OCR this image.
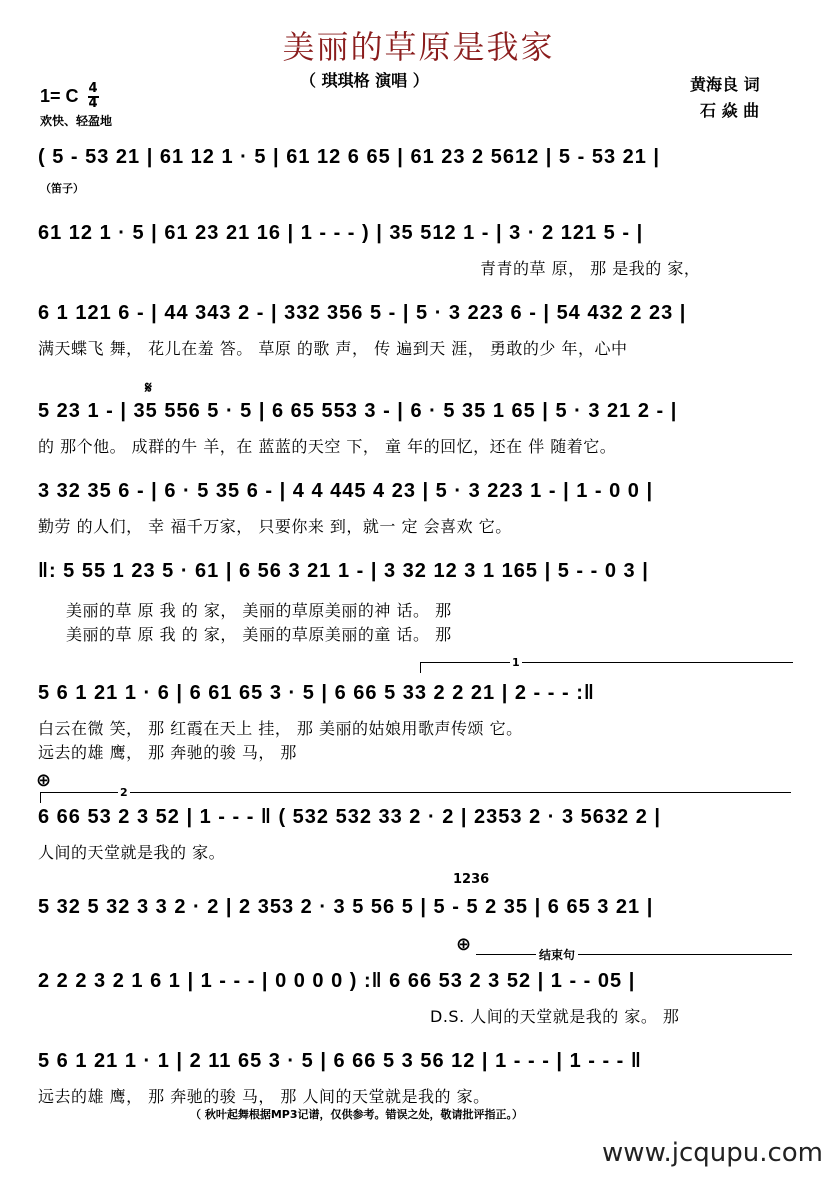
美丽的草原是我家
（ 琪琪格 演唱 ）
1= C 4
4
欢快、轻盈地
黄海良 词
石 焱 曲
( 5 - 53 21 | 61 12 1 · 5 | 61 12 6 65 | 61 23 2 5612 | 5 - 53 21 |
（笛子）
61 12 1 · 5 | 61 23 21 16 | 1 - - - ) | 35 512 1 - | 3 · 2 121 5 - |
青青的草 原， 那 是我的 家，
6 1 121 6 - | 44 343 2 - | 332 356 5 - | 5 · 3 223 6 - | 54 432 2 23 |
满天蝶飞 舞， 花儿在羞 答。 草原 的歌 声， 传 遍到天 涯， 勇敢的少 年，心中
𝄋
5 23 1 - | 35 556 5 · 5 | 6 65 553 3 - | 6 · 5 35 1 65 | 5 · 3 21 2 - |
的 那个他。 成群的牛 羊，在 蓝蓝的天空 下， 童 年的回忆，还在 伴 随着它。
3 32 35 6 - | 6 · 5 35 6 - | 4 4 445 4 23 | 5 · 3 223 1 - | 1 - 0 0 |
勤劳 的人们， 幸 福千万家， 只要你来 到，就一 定 会喜欢 它。
‖: 5 55 1 23 5 · 61 | 6 56 3 21 1 - | 3 32 12 3 1 165 | 5 - - 0 3 |
美丽的草 原 我 的 家， 美丽的草原美丽的神 话。 那
美丽的草 原 我 的 家， 美丽的草原美丽的童 话。 那
1
5 6 1 21 1 · 6 | 6 61 65 3 · 5 | 6 66 5 33 2 2 21 | 2 - - - :‖
白云在微 笑， 那 红霞在天上 挂， 那 美丽的姑娘用歌声传颂 它。
远去的雄 鹰， 那 奔驰的骏 马， 那
⊕
2
6 66 53 2 3 52 | 1 - - - ‖ ( 532 532 33 2 · 2 | 2353 2 · 3 5632 2 |
人间的天堂就是我的 家。
1236
5 32 5 32 3 3 2 · 2 | 2 353 2 · 3 5 56 5 | 5 - 5 2 35 | 6 65 3 21 |
⊕	结束句
2 2 2 3 2 1 6 1 | 1 - - - | 0 0 0 0 ) :‖ 6 66 53 2 3 52 | 1 - - 05 |
D.S. 人间的天堂就是我的 家。 那
5 6 1 21 1 · 1 | 2 11 65 3 · 5 | 6 66 5 3 56 12 | 1 - - - | 1 - - - ‖
远去的雄 鹰， 那 奔驰的骏 马， 那 人间的天堂就是我的 家。
（ 秋叶起舞根据MP3记谱，仅供参考。错误之处，敬请批评指正。）
www.jcqupu.com
